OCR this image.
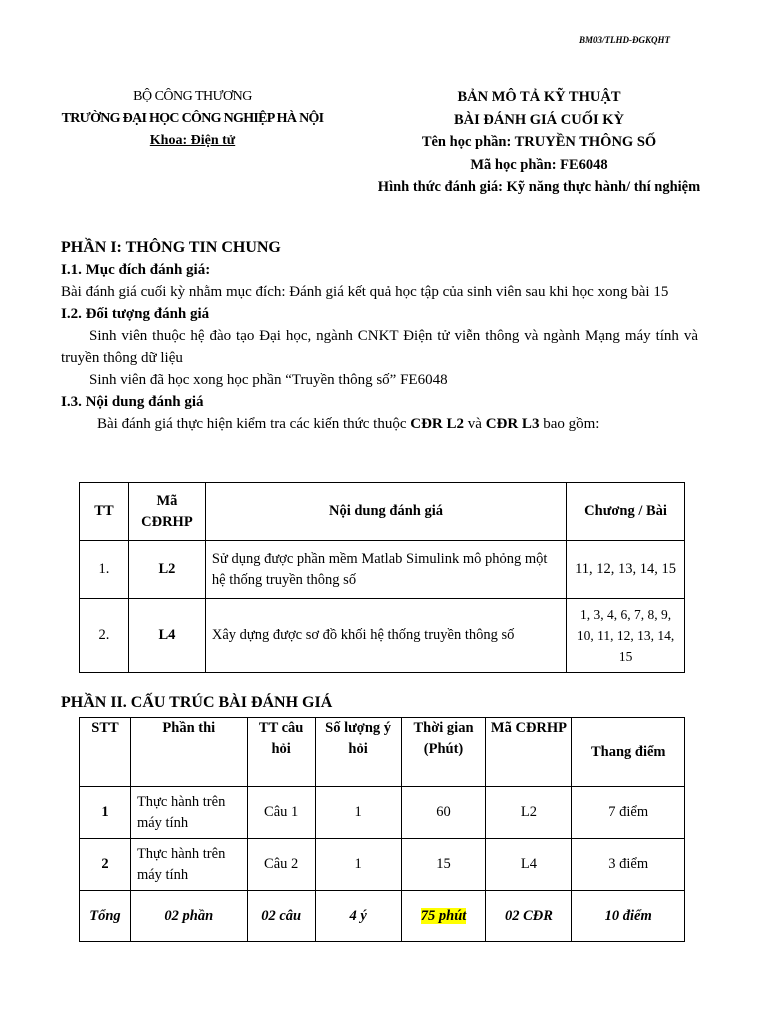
BM03/TLHD-ĐGKQHT
BỘ CÔNG THƯƠNG
TRƯỜNG ĐẠI HỌC CÔNG NGHIỆP HÀ NỘI
Khoa: Điện tử
BẢN MÔ TẢ KỸ THUẬT
BÀI ĐÁNH GIÁ CUỐI KỲ
Tên học phần: TRUYỀN THÔNG SỐ
Mã học phần: FE6048
Hình thức đánh giá: Kỹ năng thực hành/ thí nghiệm

PHẦN I: THÔNG TIN CHUNG

I.1. Mục đích đánh giá:

Bài đánh giá cuối kỳ nhằm mục đích: Đánh giá kết quả học tập của sinh viên sau khi học xong bài 15

I.2. Đối tượng đánh giá

Sinh viên thuộc hệ đào tạo Đại học, ngành CNKT Điện tử viễn thông và ngành Mạng máy tính và truyền thông dữ liệu

Sinh viên đã học xong học phần “Truyền thông số” FE6048

I.3. Nội dung đánh giá

Bài đánh giá thực hiện kiểm tra các kiến thức thuộc CĐR L2 và CĐR L3 bao gồm:

TT	Mã CĐRHP	Nội dung đánh giá	Chương / Bài
1.	L2	Sử dụng được phần mềm Matlab Simulink mô phỏng một hệ thống truyền thông số	11, 12, 13, 14, 15
2.	L4	Xây dựng được sơ đồ khối hệ thống truyền thông số	1, 3, 4, 6, 7, 8, 9, 10, 11, 12, 13, 14, 15
PHẦN II. CẤU TRÚC BÀI ĐÁNH GIÁ
STT	Phần thi	TT câu hỏi	Số lượng ý hỏi	Thời gian (Phút)	Mã CĐRHP	Thang điểm
1	Thực hành trên máy tính	Câu 1	1	60	L2	7 điểm
2	Thực hành trên máy tính	Câu 2	1	15	L4	3 điểm
Tổng	02 phần	02 câu	4 ý	75 phút	02 CĐR	10 điểm
